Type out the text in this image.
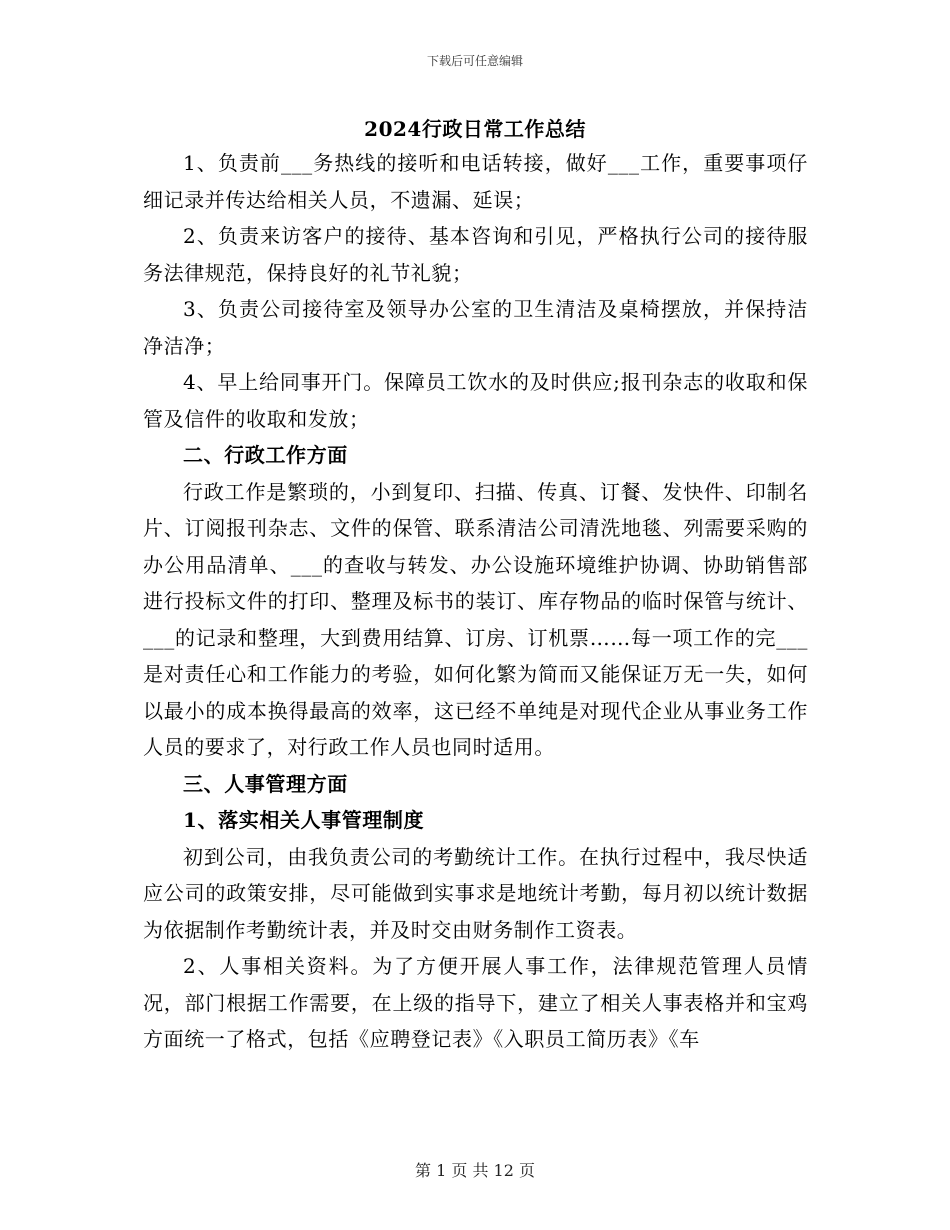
下载后可任意编辑
2024行政日常工作总结

1、负责前___务热线的接听和电话转接，做好___工作，重要事项仔细记录并传达给相关人员，不遗漏、延误；

2、负责来访客户的接待、基本咨询和引见，严格执行公司的接待服务法律规范，保持良好的礼节礼貌；

3、负责公司接待室及领导办公室的卫生清洁及桌椅摆放，并保持洁净洁净；

4、早上给同事开门。保障员工饮水的及时供应;报刊杂志的收取和保管及信件的收取和发放；

二、行政工作方面

行政工作是繁琐的，小到复印、扫描、传真、订餐、发快件、印制名片、订阅报刊杂志、文件的保管、联系清洁公司清洗地毯、列需要采购的办公用品清单、___的查收与转发、办公设施环境维护协调、协助销售部进行投标文件的打印、整理及标书的装订、库存物品的临时保管与统计、___的记录和整理，大到费用结算、订房、订机票……每一项工作的完___是对责任心和工作能力的考验，如何化繁为简而又能保证万无一失，如何以最小的成本换得最高的效率，这已经不单纯是对现代企业从事业务工作人员的要求了，对行政工作人员也同时适用。

三、人事管理方面

1、落实相关人事管理制度

初到公司，由我负责公司的考勤统计工作。在执行过程中，我尽快适应公司的政策安排，尽可能做到实事求是地统计考勤，每月初以统计数据为依据制作考勤统计表，并及时交由财务制作工资表。

2、人事相关资料。为了方便开展人事工作，法律规范管理人员情况，部门根据工作需要，在上级的指导下，建立了相关人事表格并和宝鸡方面统一了格式，包括《应聘登记表》《入职员工简历表》《车

第 1 页 共 12 页
